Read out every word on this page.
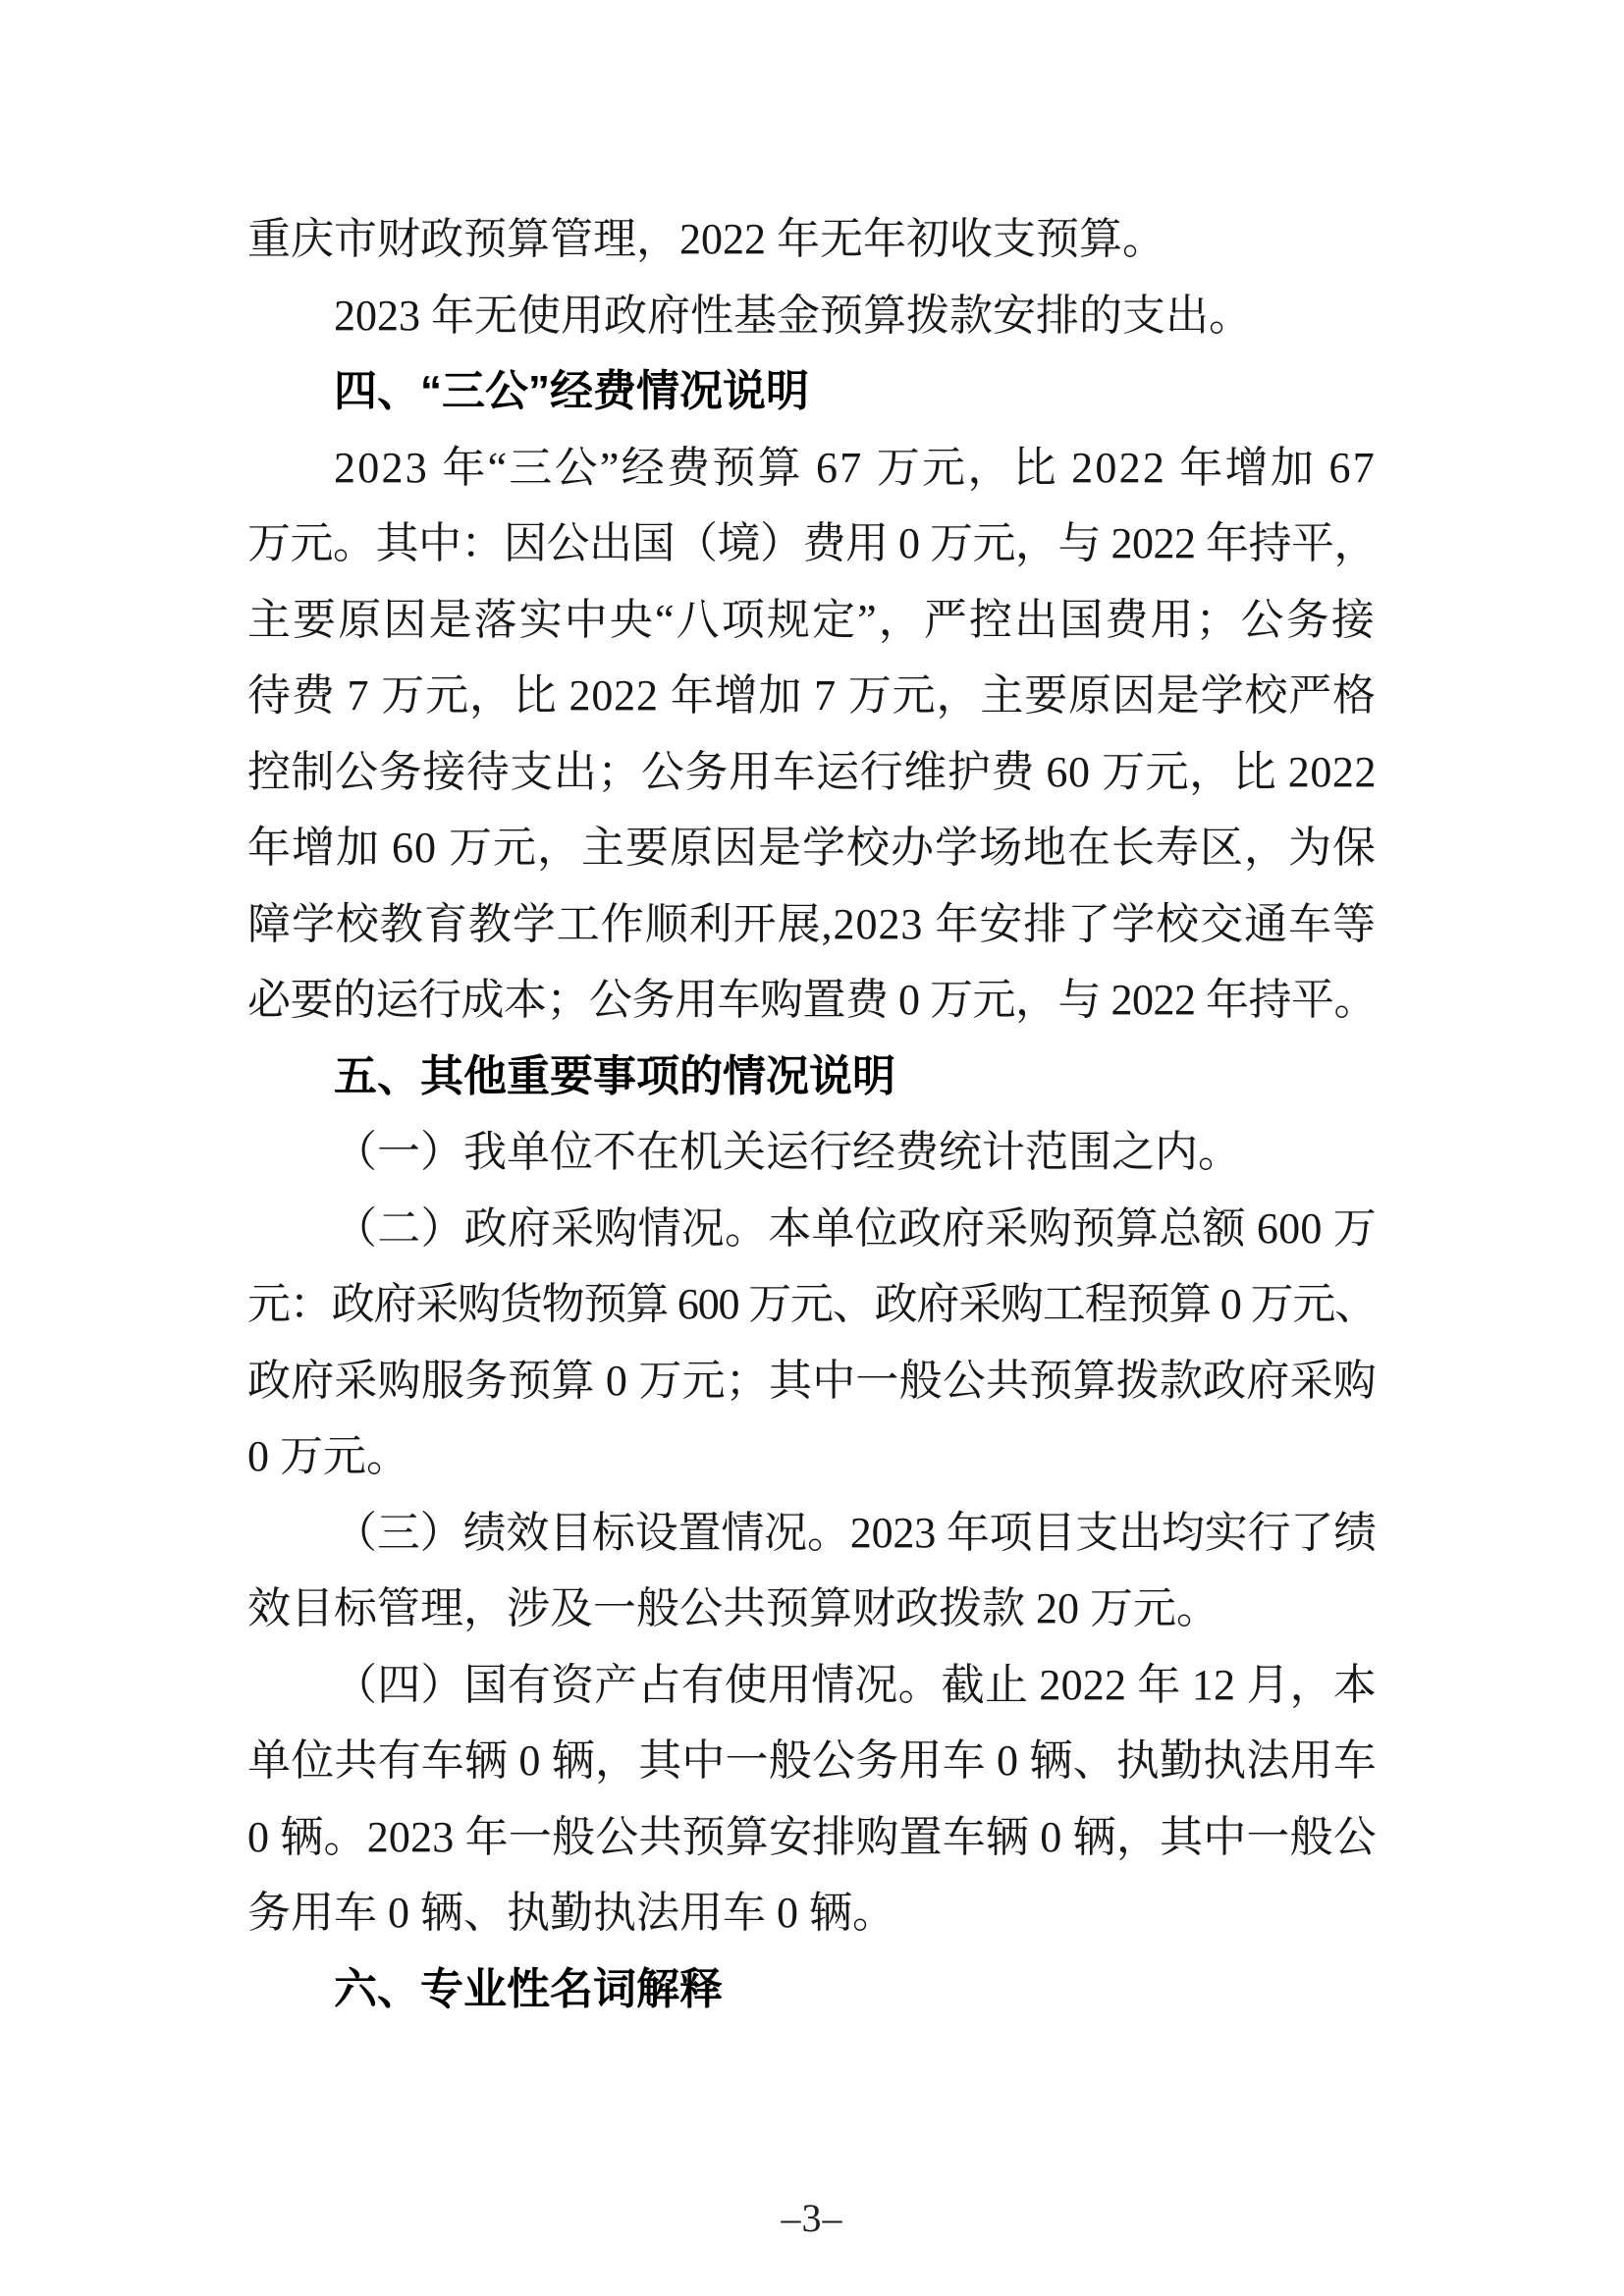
重庆市财政预算管理，2022 年无年初收支预算。
2023 年无使用政府性基金预算拨款安排的支出。
四、“三公”经费情况说明
2023 年“三公”经费预算 67 万元，比 2022 年增加 67
万元。其中：因公出国（境）费用 0 万元，与 2022 年持平，
主要原因是落实中央“八项规定”，严控出国费用；公务接
待费 7 万元，比 2022 年增加 7 万元，主要原因是学校严格
控制公务接待支出；公务用车运行维护费 60 万元，比 2022
年增加 60 万元，主要原因是学校办学场地在长寿区，为保
障学校教育教学工作顺利开展,2023 年安排了学校交通车等
必要的运行成本；公务用车购置费 0 万元，与 2022 年持平。
五、其他重要事项的情况说明
（一）我单位不在机关运行经费统计范围之内。
（二）政府采购情况。本单位政府采购预算总额 600 万
元：政府采购货物预算 600 万元、政府采购工程预算 0 万元、
政府采购服务预算 0 万元；其中一般公共预算拨款政府采购
0 万元。
（三）绩效目标设置情况。2023 年项目支出均实行了绩
效目标管理，涉及一般公共预算财政拨款 20 万元。
（四）国有资产占有使用情况。截止 2022 年 12 月，本
单位共有车辆 0 辆，其中一般公务用车 0 辆、执勤执法用车
0 辆。2023 年一般公共预算安排购置车辆 0 辆，其中一般公
务用车 0 辆、执勤执法用车 0 辆。
六、专业性名词解释
–3–
